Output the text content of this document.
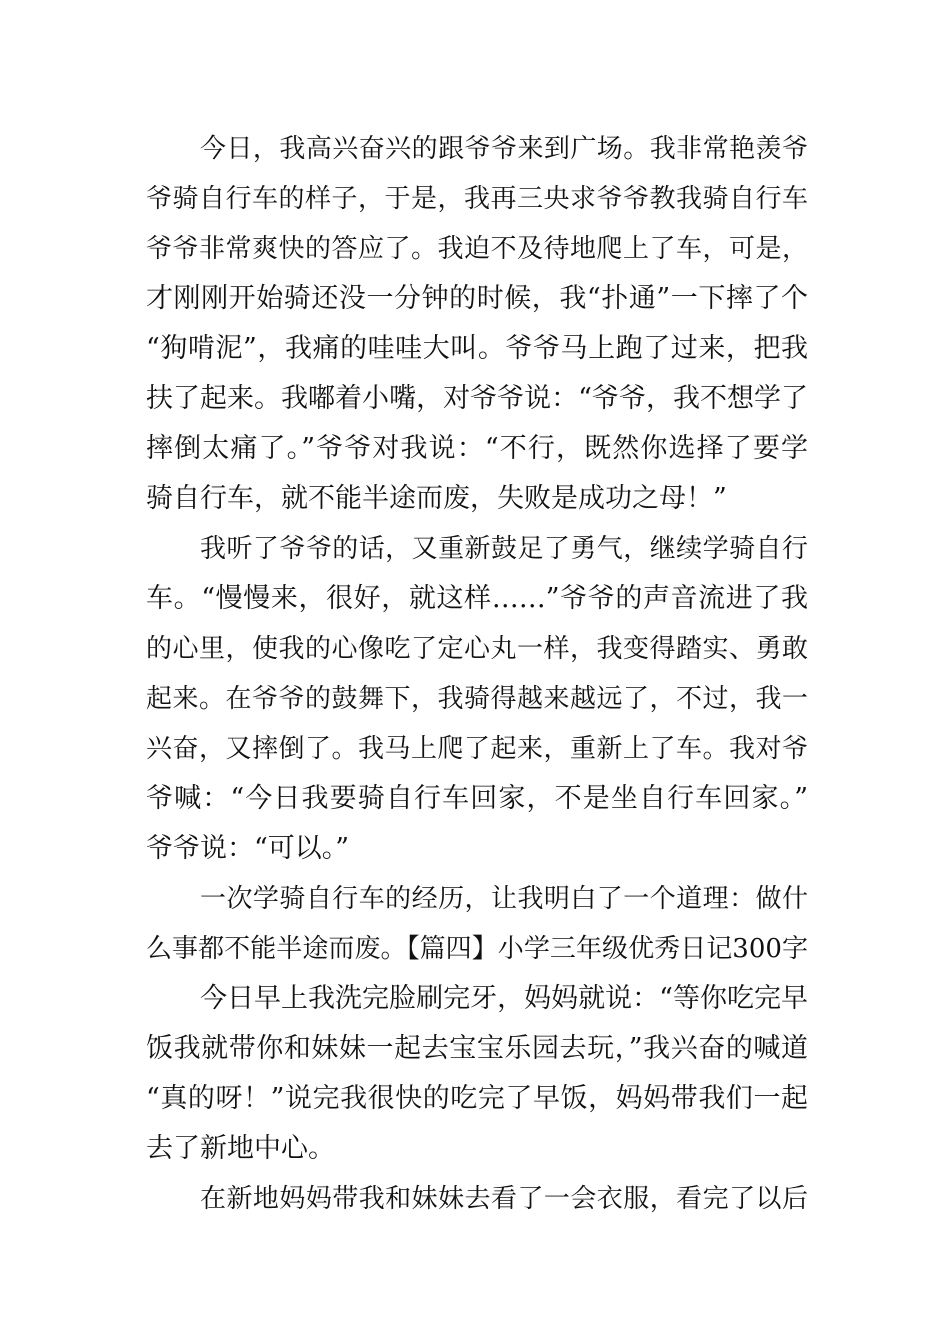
今日，我高兴奋兴的跟爷爷来到广场。我非常艳羡爷
爷骑自行车的样子，于是，我再三央求爷爷教我骑自行车
爷爷非常爽快的答应了。我迫不及待地爬上了车，可是，
才刚刚开始骑还没一分钟的时候，我“扑通”一下摔了个
“狗啃泥”，我痛的哇哇大叫。爷爷马上跑了过来，把我
扶了起来。我嘟着小嘴，对爷爷说：“爷爷，我不想学了
摔倒太痛了。”爷爷对我说：“不行，既然你选择了要学
骑自行车，就不能半途而废，失败是成功之母！”
我听了爷爷的话，又重新鼓足了勇气，继续学骑自行
车。“慢慢来，很好，就这样……”爷爷的声音流进了我
的心里，使我的心像吃了定心丸一样，我变得踏实、勇敢
起来。在爷爷的鼓舞下，我骑得越来越远了，不过，我一
兴奋，又摔倒了。我马上爬了起来，重新上了车。我对爷
爷喊：“今日我要骑自行车回家，不是坐自行车回家。”
爷爷说：“可以。”
一次学骑自行车的经历，让我明白了一个道理：做什
么事都不能半途而废。【篇四】小学三年级优秀日记300字
今日早上我洗完脸刷完牙，妈妈就说：“等你吃完早
饭我就带你和妹妹一起去宝宝乐园去玩，”我兴奋的喊道
“真的呀！”说完我很快的吃完了早饭，妈妈带我们一起
去了新地中心。
在新地妈妈带我和妹妹去看了一会衣服，看完了以后
